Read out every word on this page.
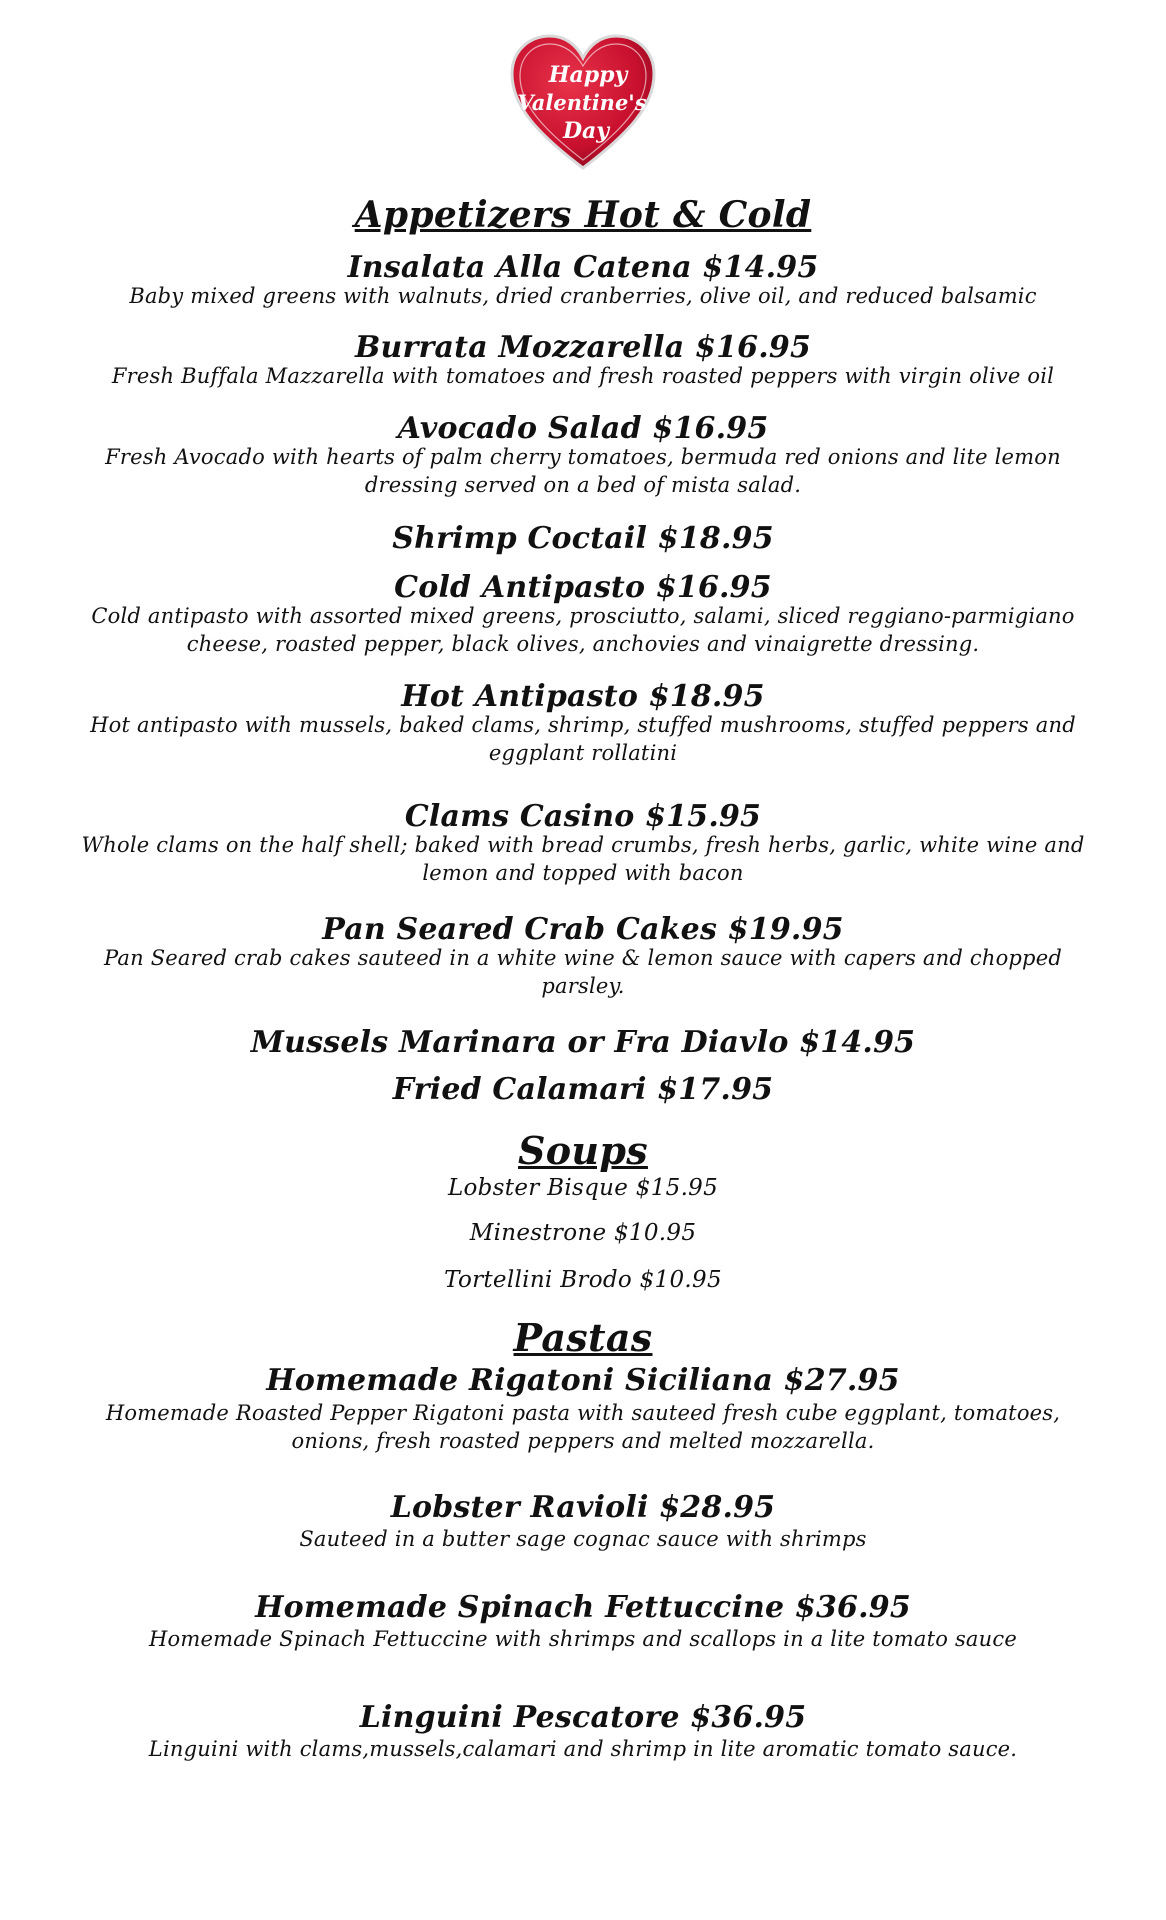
Happy
Valentine's
Day
Appetizers Hot & Cold
Insalata Alla Catena $14.95
Baby mixed greens with walnuts, dried cranberries, olive oil, and reduced balsamic
Burrata Mozzarella $16.95
Fresh Buffala Mazzarella with tomatoes and fresh roasted peppers with virgin olive oil
Avocado Salad $16.95
Fresh Avocado with hearts of palm cherry tomatoes, bermuda red onions and lite lemon dressing served on a bed of mista salad.
Shrimp Coctail $18.95
Cold Antipasto $16.95
Cold antipasto with assorted mixed greens, prosciutto, salami, sliced reggiano-parmigiano cheese, roasted pepper, black olives, anchovies and vinaigrette dressing.
Hot Antipasto $18.95
Hot antipasto with mussels, baked clams, shrimp, stuffed mushrooms, stuffed peppers and eggplant rollatini
Clams Casino $15.95
Whole clams on the half shell; baked with bread crumbs, fresh herbs, garlic, white wine and lemon and topped with bacon
Pan Seared Crab Cakes $19.95
Pan Seared crab cakes sauteed in a white wine & lemon sauce with capers and chopped parsley.
Mussels Marinara or Fra Diavlo $14.95
Fried Calamari $17.95
Soups
Lobster Bisque $15.95
Minestrone $10.95
Tortellini Brodo $10.95
Pastas
Homemade Rigatoni Siciliana $27.95
Homemade Roasted Pepper Rigatoni pasta with sauteed fresh cube eggplant, tomatoes, onions, fresh roasted peppers and melted mozzarella.
Lobster Ravioli $28.95
Sauteed in a butter sage cognac sauce with shrimps
Homemade Spinach Fettuccine $36.95
Homemade Spinach Fettuccine with shrimps and scallops in a lite tomato sauce
Linguini Pescatore $36.95
Linguini with clams,mussels,calamari and shrimp in lite aromatic tomato sauce.
